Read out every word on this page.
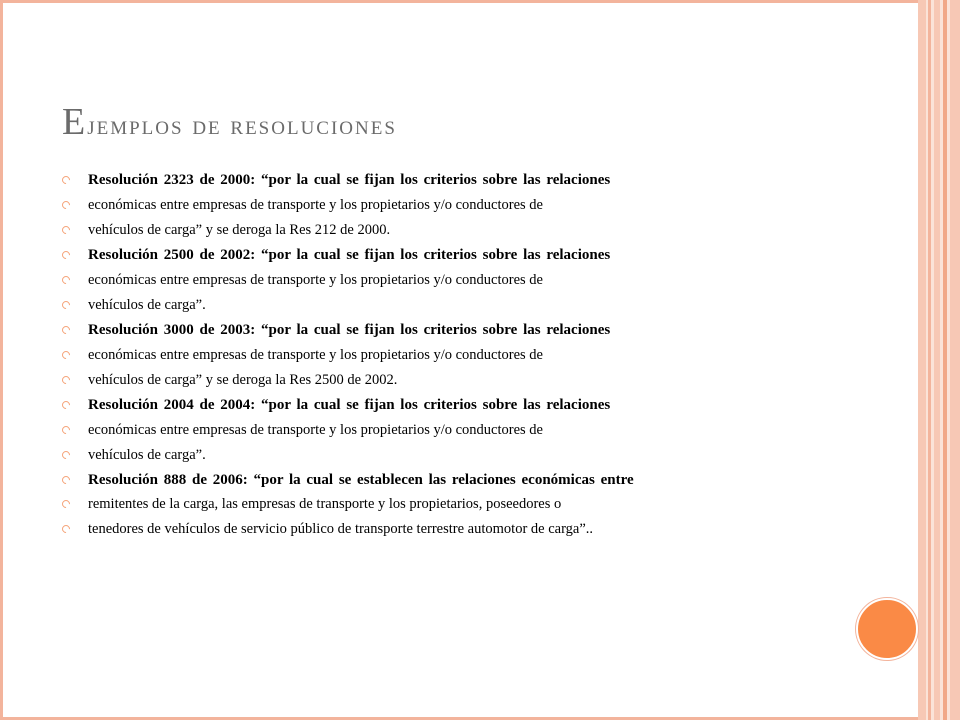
Ejemplos de resoluciones
Resolución 2323 de 2000: “por la cual se fijan los criterios sobre las relaciones
económicas entre empresas de transporte y los propietarios y/o conductores de
vehículos de carga” y se deroga la Res 212 de 2000.
Resolución 2500 de 2002: “por la cual se fijan los criterios sobre las relaciones
económicas entre empresas de transporte y los propietarios y/o conductores de
vehículos de carga”.
Resolución 3000 de 2003: “por la cual se fijan los criterios sobre las relaciones
económicas entre empresas de transporte y los propietarios y/o conductores de
vehículos de carga” y se deroga la Res 2500 de 2002.
Resolución 2004 de 2004: “por la cual se fijan los criterios sobre las relaciones
económicas entre empresas de transporte y los propietarios y/o conductores de
vehículos de carga”.
Resolución 888 de 2006: “por la cual se establecen las relaciones económicas entre
remitentes de la carga, las empresas de transporte y los propietarios, poseedores o
tenedores de vehículos de servicio público de transporte terrestre automotor de carga”..
